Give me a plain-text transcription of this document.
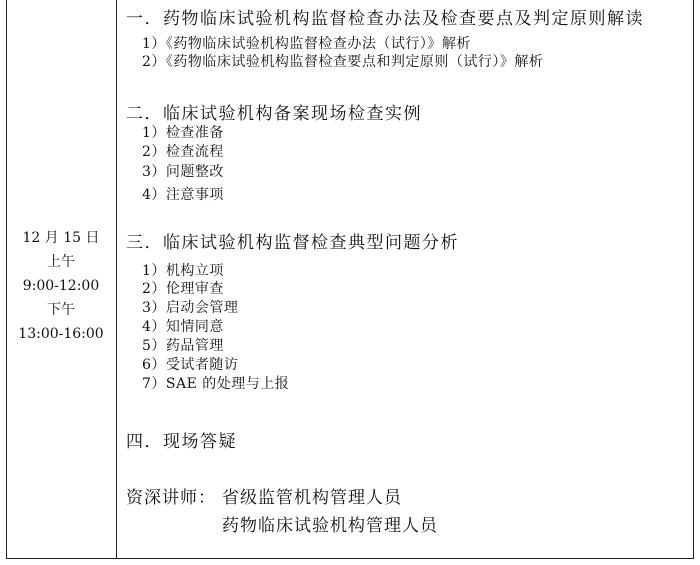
12 月 15 日
上午
9:00-12:00
下午
13:00-16:00
一．药物临床试验机构监督检查办法及检查要点及判定原则解读
1）《药物临床试验机构监督检查办法（试行）》解析
2）《药物临床试验机构监督检查要点和判定原则（试行）》解析
二．临床试验机构备案现场检查实例
1）检查准备
2）检查流程
3）问题整改
4）注意事项
三．临床试验机构监督检查典型问题分析
1）机构立项
2）伦理审查
3）启动会管理
4）知情同意
5）药品管理
6）受试者随访
7）SAE 的处理与上报
四．现场答疑
资深讲师： 省级监管机构管理人员
药物临床试验机构管理人员
